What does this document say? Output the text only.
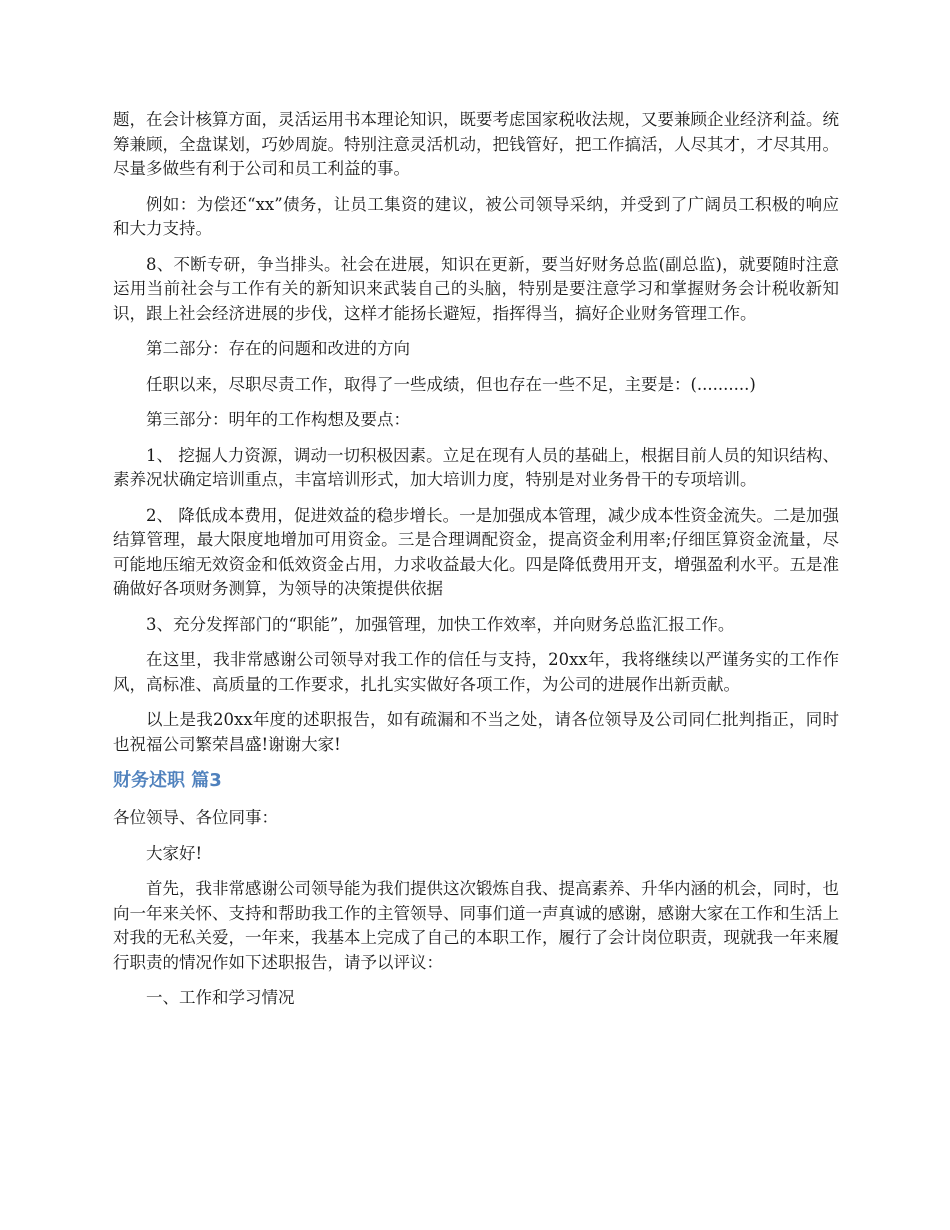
题，在会计核算方面，灵活运用书本理论知识，既要考虑国家税收法规，又要兼顾企业经济利益。统筹兼顾，全盘谋划，巧妙周旋。特别注意灵活机动，把钱管好，把工作搞活，人尽其才，才尽其用。尽量多做些有利于公司和员工利益的事。

例如：为偿还“xx”债务，让员工集资的建议，被公司领导采纳，并受到了广阔员工积极的响应和大力支持。

8、不断专研，争当排头。社会在进展，知识在更新，要当好财务总监(副总监)，就要随时注意运用当前社会与工作有关的新知识来武装自己的头脑，特别是要注意学习和掌握财务会计税收新知识，跟上社会经济进展的步伐，这样才能扬长避短，指挥得当，搞好企业财务管理工作。

第二部分：存在的问题和改进的方向

任职以来，尽职尽责工作，取得了一些成绩，但也存在一些不足，主要是：(..........)

第三部分：明年的工作构想及要点：

1、 挖掘人力资源，调动一切积极因素。立足在现有人员的基础上，根据目前人员的知识结构、素养况状确定培训重点，丰富培训形式，加大培训力度，特别是对业务骨干的专项培训。

2、 降低成本费用，促进效益的稳步增长。一是加强成本管理，减少成本性资金流失。二是加强结算管理，最大限度地增加可用资金。三是合理调配资金，提高资金利用率;仔细匡算资金流量，尽可能地压缩无效资金和低效资金占用，力求收益最大化。四是降低费用开支，增强盈利水平。五是准确做好各项财务测算，为领导的决策提供依据

3、充分发挥部门的“职能”，加强管理，加快工作效率，并向财务总监汇报工作。

在这里，我非常感谢公司领导对我工作的信任与支持，20xx年，我将继续以严谨务实的工作作风，高标准、高质量的工作要求，扎扎实实做好各项工作，为公司的进展作出新贡献。

以上是我20xx年度的述职报告，如有疏漏和不当之处，请各位领导及公司同仁批判指正，同时也祝福公司繁荣昌盛!谢谢大家!

财务述职 篇3

各位领导、各位同事：

大家好!

首先，我非常感谢公司领导能为我们提供这次锻炼自我、提高素养、升华内涵的机会，同时，也向一年来关怀、支持和帮助我工作的主管领导、同事们道一声真诚的感谢，感谢大家在工作和生活上对我的无私关爱，一年来，我基本上完成了自己的本职工作，履行了会计岗位职责，现就我一年来履行职责的情况作如下述职报告，请予以评议：

一、工作和学习情况
